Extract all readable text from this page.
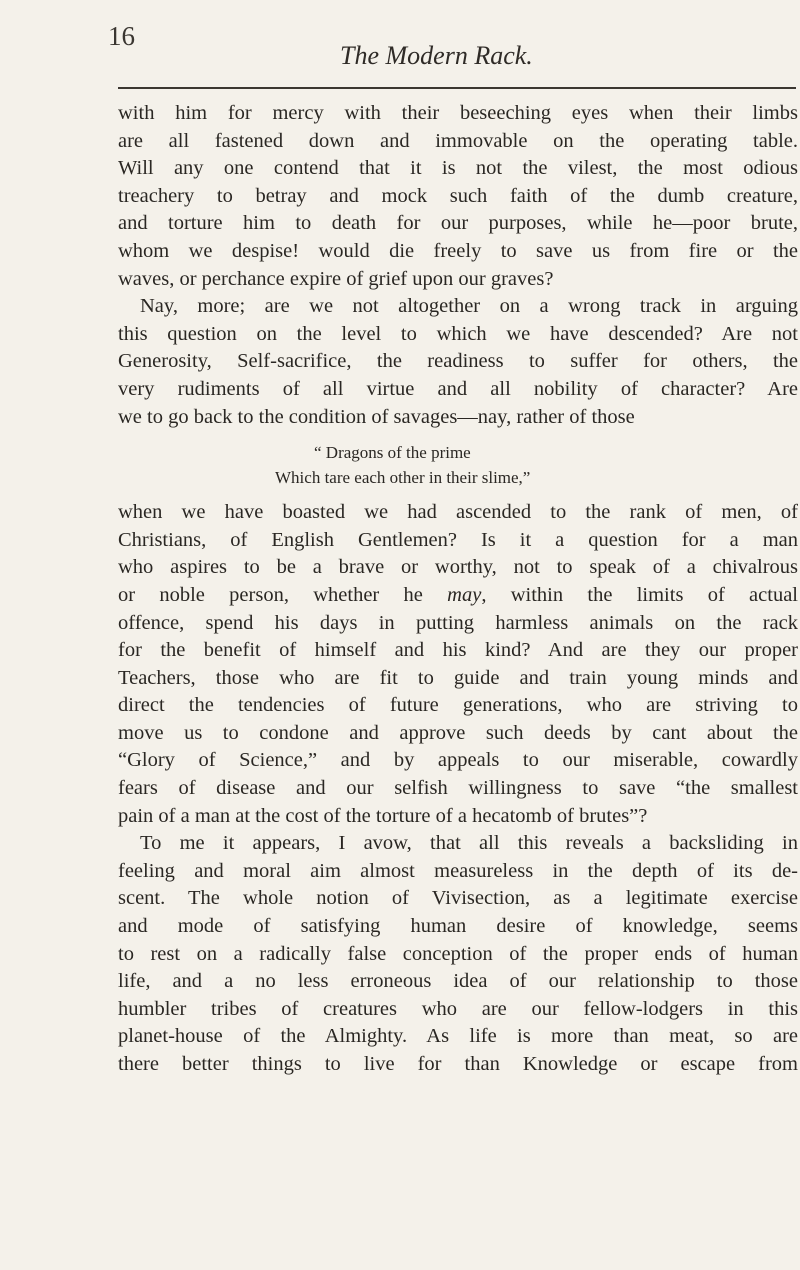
16
The Modern Rack.
with him for mercy with their beseeching eyes when their limbs
are all fastened down and immovable on the operating table.
Will any one contend that it is not the vilest, the most odious
treachery to betray and mock such faith of the dumb creature,
and torture him to death for our purposes, while he—poor brute,
whom we despise! would die freely to save us from fire or the
waves, or perchance expire of grief upon our graves?
Nay, more; are we not altogether on a wrong track in arguing
this question on the level to which we have descended? Are not
Generosity, Self-sacrifice, the readiness to suffer for others, the
very rudiments of all virtue and all nobility of character? Are
we to go back to the condition of savages—nay, rather of those
“ Dragons of the prime
Which tare each other in their slime,”
when we have boasted we had ascended to the rank of men, of
Christians, of English Gentlemen? Is it a question for a man
who aspires to be a brave or worthy, not to speak of a chivalrous
or noble person, whether he may, within the limits of actual
offence, spend his days in putting harmless animals on the rack
for the benefit of himself and his kind? And are they our proper
Teachers, those who are fit to guide and train young minds and
direct the tendencies of future generations, who are striving to
move us to condone and approve such deeds by cant about the
“Glory of Science,” and by appeals to our miserable, cowardly
fears of disease and our selfish willingness to save “the smallest
pain of a man at the cost of the torture of a hecatomb of brutes”?
To me it appears, I avow, that all this reveals a backsliding in
feeling and moral aim almost measureless in the depth of its de-
scent. The whole notion of Vivisection, as a legitimate exercise
and mode of satisfying human desire of knowledge, seems
to rest on a radically false conception of the proper ends of human
life, and a no less erroneous idea of our relationship to those
humbler tribes of creatures who are our fellow-lodgers in this
planet-house of the Almighty. As life is more than meat, so are
there better things to live for than Knowledge or escape from
